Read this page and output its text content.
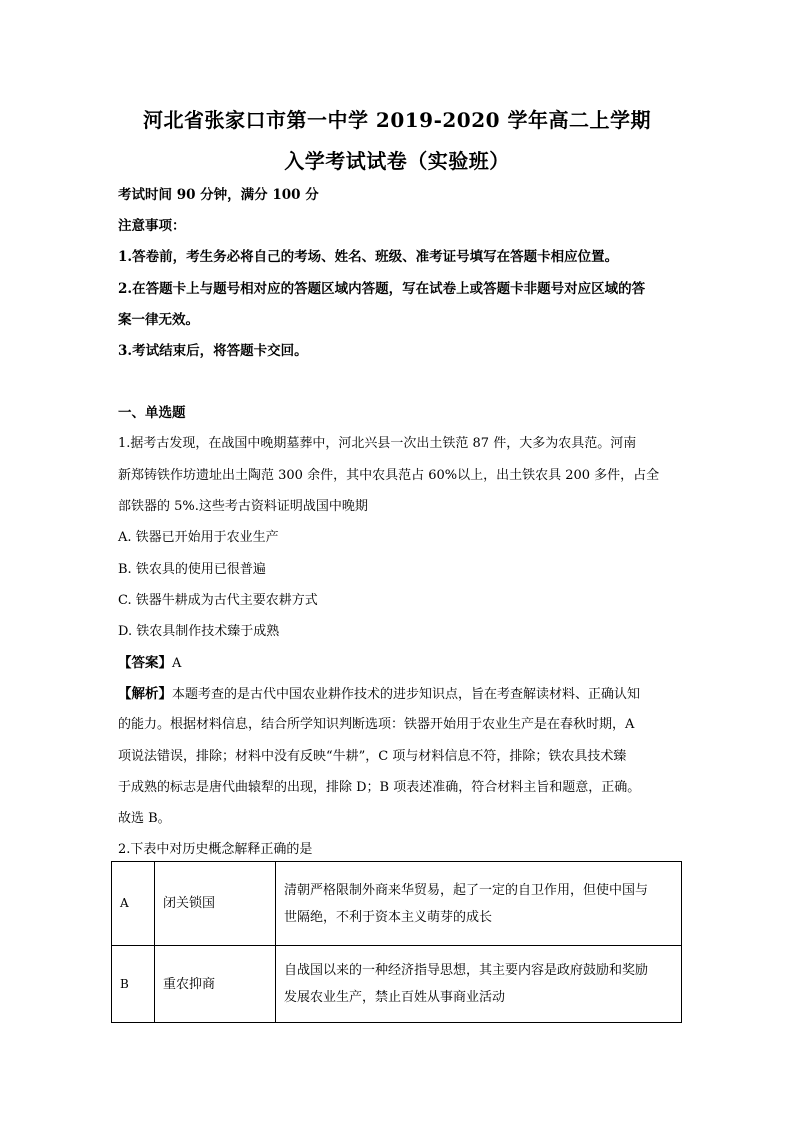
河北省张家口市第一中学 2019-2020 学年高二上学期
入学考试试卷（实验班）
考试时间 90 分钟，满分 100 分
注意事项：
1.答卷前，考生务必将自己的考场、姓名、班级、准考证号填写在答题卡相应位置。
2.在答题卡上与题号相对应的答题区域内答题，写在试卷上或答题卡非题号对应区域的答
案一律无效。
3.考试结束后，将答题卡交回。
一、单选题
1.据考古发现，在战国中晚期墓葬中，河北兴县一次出土铁范 87 件，大多为农具范。河南
新郑铸铁作坊遗址出土陶范 300 余件，其中农具范占 60%以上，出土铁农具 200 多件，占全
部铁器的 5%.这些考古资料证明战国中晚期
A. 铁器已开始用于农业生产
B. 铁农具的使用已很普遍
C. 铁器牛耕成为古代主要农耕方式
D. 铁农具制作技术臻于成熟
【答案】A
【解析】本题考查的是古代中国农业耕作技术的进步知识点，旨在考查解读材料、正确认知
的能力。根据材料信息，结合所学知识判断选项：铁器开始用于农业生产是在春秋时期，A
项说法错误，排除；材料中没有反映“牛耕”，C 项与材料信息不符，排除；铁农具技术臻
于成熟的标志是唐代曲辕犁的出现，排除 D；B 项表述准确，符合材料主旨和题意，正确。
故选 B。
2.下表中对历史概念解释正确的是
A	闭关锁国	清朝严格限制外商来华贸易，起了一定的自卫作用，但使中国与
世隔绝，不利于资本主义萌芽的成长

B	重农抑商	自战国以来的一种经济指导思想，其主要内容是政府鼓励和奖励
发展农业生产，禁止百姓从事商业活动
